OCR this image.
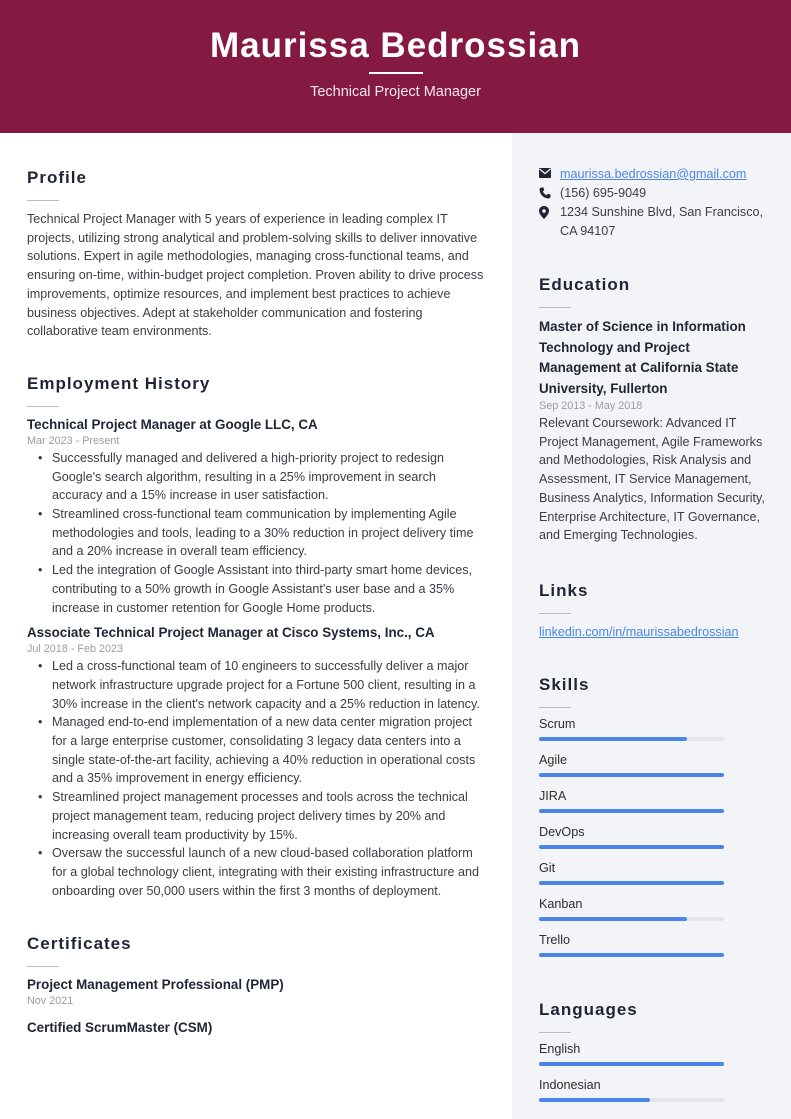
Maurissa Bedrossian
Technical Project Manager
Profile

Technical Project Manager with 5 years of experience in leading complex IT projects, utilizing strong analytical and problem-solving skills to deliver innovative solutions. Expert in agile methodologies, managing cross-functional teams, and ensuring on-time, within-budget project completion. Proven ability to drive process improvements, optimize resources, and implement best practices to achieve business objectives. Adept at stakeholder communication and fostering collaborative team environments.

Employment History
Technical Project Manager at Google LLC, CA
Mar 2023 - Present
• Successfully managed and delivered a high-priority project to redesign Google's search algorithm, resulting in a 25% improvement in search accuracy and a 15% increase in user satisfaction.
• Streamlined cross-functional team communication by implementing Agile methodologies and tools, leading to a 30% reduction in project delivery time and a 20% increase in overall team efficiency.
• Led the integration of Google Assistant into third-party smart home devices, contributing to a 50% growth in Google Assistant's user base and a 35% increase in customer retention for Google Home products.
Associate Technical Project Manager at Cisco Systems, Inc., CA
Jul 2018 - Feb 2023
• Led a cross-functional team of 10 engineers to successfully deliver a major network infrastructure upgrade project for a Fortune 500 client, resulting in a 30% increase in the client's network capacity and a 25% reduction in latency.
• Managed end-to-end implementation of a new data center migration project for a large enterprise customer, consolidating 3 legacy data centers into a single state-of-the-art facility, achieving a 40% reduction in operational costs and a 35% improvement in energy efficiency.
• Streamlined project management processes and tools across the technical project management team, reducing project delivery times by 20% and increasing overall team productivity by 15%.
• Oversaw the successful launch of a new cloud-based collaboration platform for a global technology client, integrating with their existing infrastructure and onboarding over 50,000 users within the first 3 months of deployment.
Certificates
Project Management Professional (PMP)
Nov 2021
Certified ScrumMaster (CSM)
maurissa.bedrossian@gmail.com
(156) 695-9049
1234 Sunshine Blvd, San Francisco, CA 94107
Education
Master of Science in Information Technology and Project Management at California State University, Fullerton
Sep 2013 - May 2018

Relevant Coursework: Advanced IT Project Management, Agile Frameworks and Methodologies, Risk Analysis and Assessment, IT Service Management, Business Analytics, Information Security, Enterprise Architecture, IT Governance, and Emerging Technologies.

Links
linkedin.com/in/maurissabedrossian
Skills
Scrum
Agile
JIRA
DevOps
Git
Kanban
Trello
Languages
English
Indonesian
